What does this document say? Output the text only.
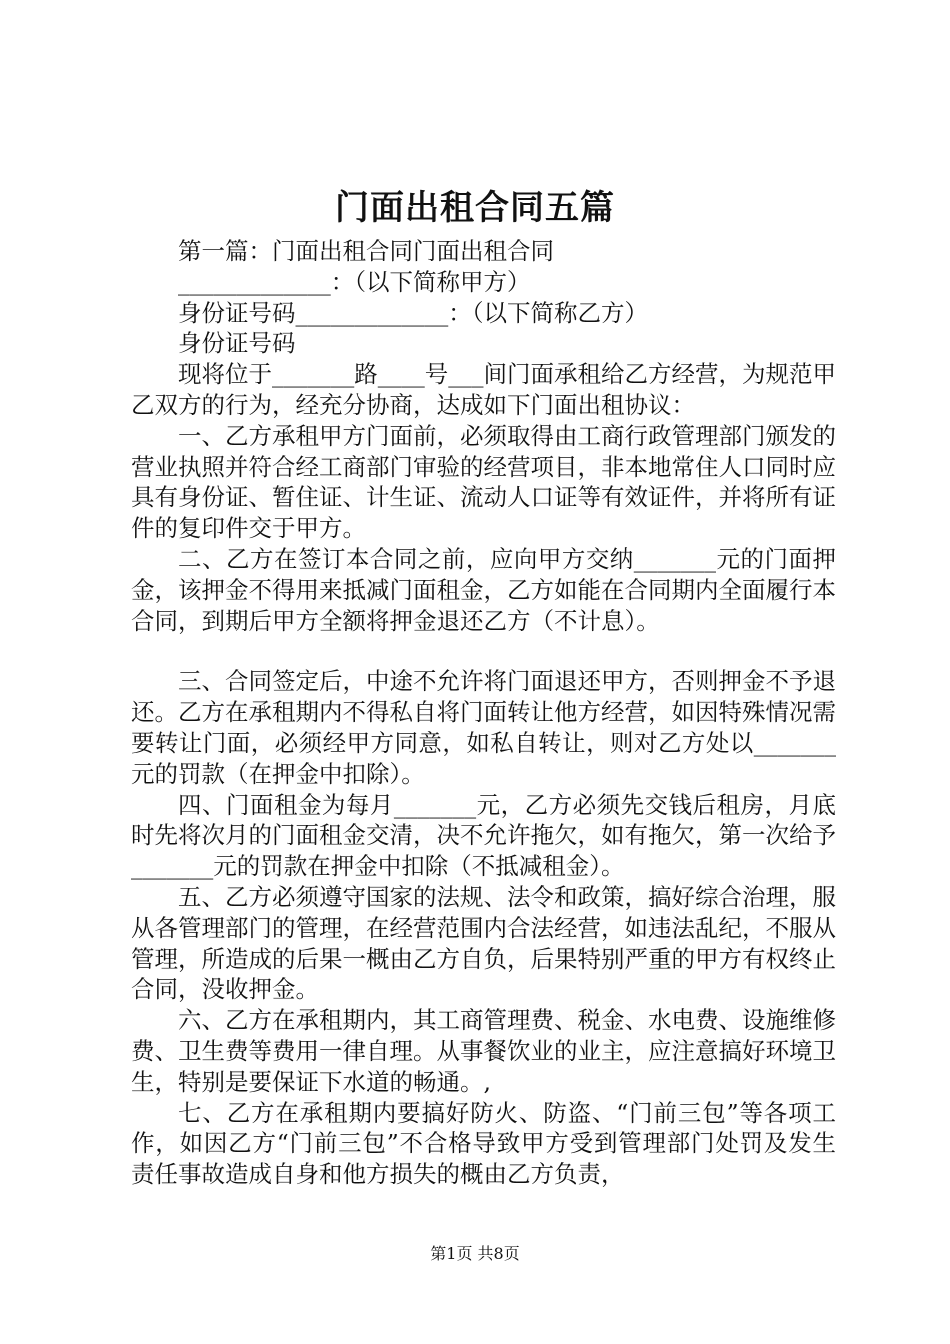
门面出租合同五篇

第一篇：门面出租合同门面出租合同

_____________：（以下简称甲方）

身份证号码_____________：（以下简称乙方）

身份证号码

现将位于_______路____号___间门面承租给乙方经营，为规范甲乙双方的行为，经充分协商，达成如下门面出租协议：

一、乙方承租甲方门面前，必须取得由工商行政管理部门颁发的营业执照并符合经工商部门审验的经营项目，非本地常住人口同时应具有身份证、暂住证、计生证、流动人口证等有效证件，并将所有证件的复印件交于甲方。

二、乙方在签订本合同之前，应向甲方交纳_______元的门面押金，该押金不得用来抵减门面租金，乙方如能在合同期内全面履行本合同，到期后甲方全额将押金退还乙方（不计息）。

三、合同签定后，中途不允许将门面退还甲方，否则押金不予退还。乙方在承租期内不得私自将门面转让他方经营，如因特殊情况需要转让门面，必须经甲方同意，如私自转让，则对乙方处以_______元的罚款（在押金中扣除）。

四、门面租金为每月_______元，乙方必须先交钱后租房，月底时先将次月的门面租金交清，决不允许拖欠，如有拖欠，第一次给予_______元的罚款在押金中扣除（不抵减租金）。

五、乙方必须遵守国家的法规、法令和政策，搞好综合治理，服从各管理部门的管理，在经营范围内合法经营，如违法乱纪，不服从管理，所造成的后果一概由乙方自负，后果特别严重的甲方有权终止合同，没收押金。

六、乙方在承租期内，其工商管理费、税金、水电费、设施维修费、卫生费等费用一律自理。从事餐饮业的业主，应注意搞好环境卫生，特别是要保证下水道的畅通。,

七、乙方在承租期内要搞好防火、防盗、“门前三包”等各项工作，如因乙方“门前三包”不合格导致甲方受到管理部门处罚及发生责任事故造成自身和他方损失的概由乙方负责，

第1页 共8页
